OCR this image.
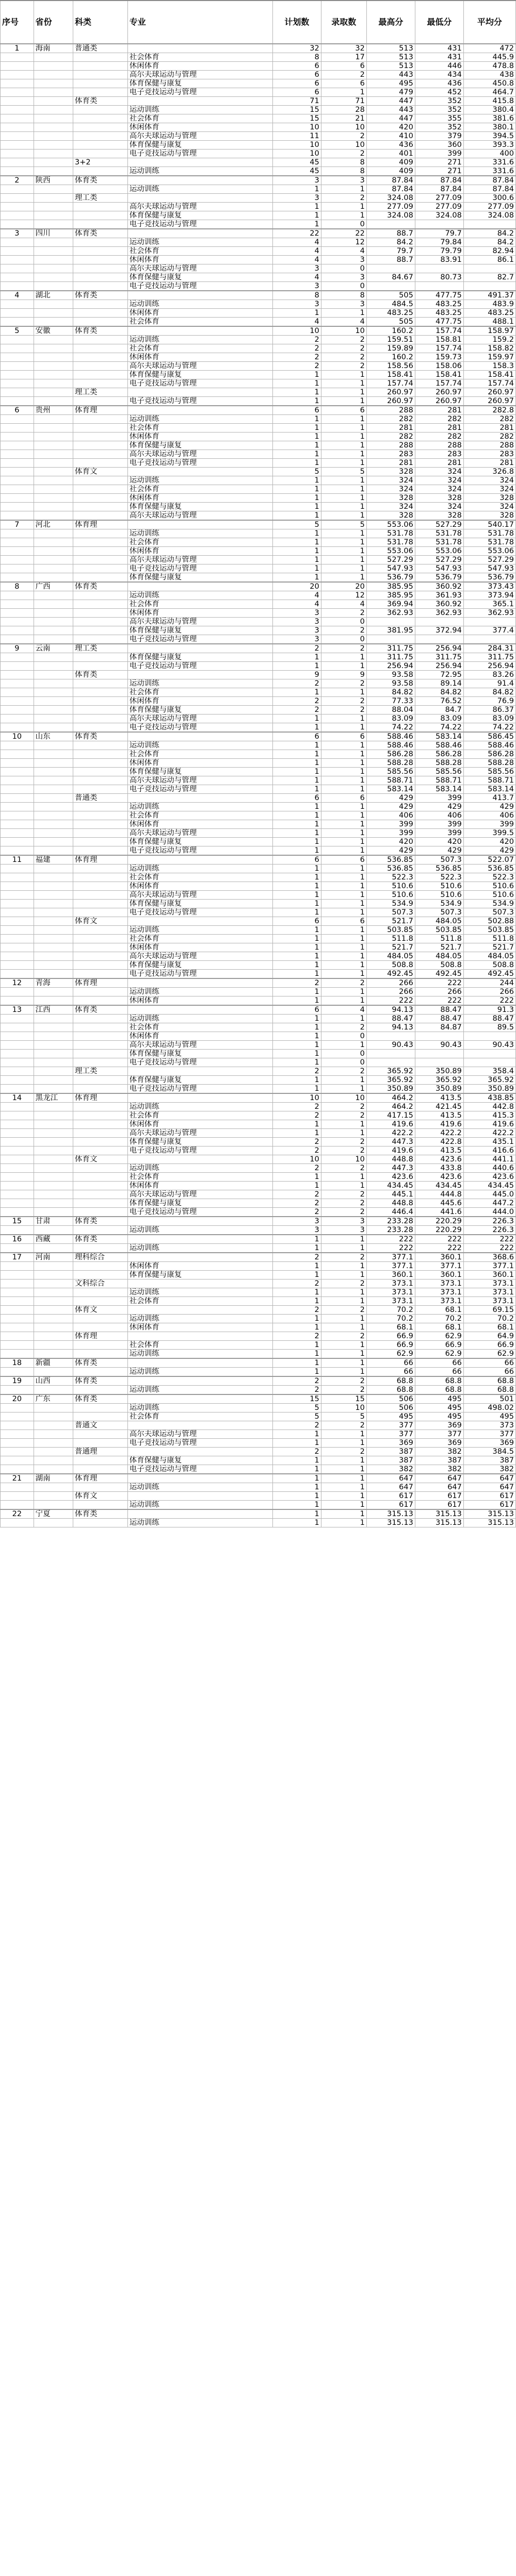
序号	省份	科类	专业	计划数	录取数	最高分	最低分	平均分
1	海南	普通类		32	32	513	431	472
			社会体育	8	17	513	431	445.9
			休闲体育	6	6	513	446	478.8
			高尔夫球运动与管理	6	2	443	434	438
			体育保健与康复	6	6	495	436	450.8
			电子竞技运动与管理	6	1	479	452	464.7
		体育类		71	71	447	352	415.8
			运动训练	15	28	443	352	380.4
			社会体育	15	21	447	355	381.6
			休闲体育	10	10	420	352	380.1
			高尔夫球运动与管理	11	2	410	379	394.5
			体育保健与康复	10	10	436	360	393.3
			电子竞技运动与管理	10	2	401	399	400
		3+2		45	8	409	271	331.6
			运动训练	45	8	409	271	331.6
2	陕西	体育类		3	3	87.84	87.84	87.84
			运动训练	1	1	87.84	87.84	87.84
		理工类		3	2	324.08	277.09	300.6
			高尔夫球运动与管理	1	1	277.09	277.09	277.09
			体育保健与康复	1	1	324.08	324.08	324.08
			电子竞技运动与管理	1	0			
3	四川	体育类		22	22	88.7	79.7	84.2
			运动训练	4	12	84.2	79.84	84.2
			社会体育	4	4	79.7	79.79	82.94
			休闲体育	4	3	88.7	83.91	86.1
			高尔夫球运动与管理	3	0			
			体育保健与康复	4	3	84.67	80.73	82.7
			电子竞技运动与管理	3	0			
4	湖北	体育类		8	8	505	477.75	491.37
			运动训练	3	3	484.5	483.25	483.9
			休闲体育	1	1	483.25	483.25	483.25
			社会体育	4	4	505	477.75	488.1
5	安徽	体育类		10	10	160.2	157.74	158.97
			运动训练	2	2	159.51	158.81	159.2
			社会体育	2	2	159.89	157.74	158.82
			休闲体育	2	2	160.2	159.73	159.97
			高尔夫球运动与管理	2	2	158.56	158.06	158.3
			体育保健与康复	1	1	158.41	158.41	158.41
			电子竞技运动与管理	1	1	157.74	157.74	157.74
		理工类		1	1	260.97	260.97	260.97
			电子竞技运动与管理	1	1	260.97	260.97	260.97
6	贵州	体育理		6	6	288	281	282.8
			运动训练	1	1	282	282	282
			社会体育	1	1	281	281	281
			休闲体育	1	1	282	282	282
			体育保健与康复	1	1	288	288	288
			高尔夫球运动与管理	1	1	283	283	283
			电子竞技运动与管理	1	1	281	281	281
		体育文		5	5	328	324	326.8
			运动训练	1	1	324	324	324
			社会体育	1	1	324	324	324
			休闲体育	1	1	328	328	328
			体育保健与康复	1	1	324	324	324
			高尔夫球运动与管理	1	1	328	328	328
7	河北	体育理		5	5	553.06	527.29	540.17
			运动训练	1	1	531.78	531.78	531.78
			社会体育	1	1	531.78	531.78	531.78
			休闲体育	1	1	553.06	553.06	553.06
			高尔夫球运动与管理	1	1	527.29	527.29	527.29
			电子竞技运动与管理	1	1	547.93	547.93	547.93
			体育保健与康复	1	1	536.79	536.79	536.79
8	广西	体育类		20	20	385.95	360.92	373.43
			运动训练	4	12	385.95	361.93	373.94
			社会体育	4	4	369.94	360.92	365.1
			休闲体育	3	2	362.93	362.93	362.93
			高尔夫球运动与管理	3	0			
			体育保健与康复	3	2	381.95	372.94	377.4
			电子竞技运动与管理	3	0			
9	云南	理工类		2	2	311.75	256.94	284.31
			体育保健与康复	1	1	311.75	311.75	311.75
			电子竞技运动与管理	1	1	256.94	256.94	256.94
		体育类		9	9	93.58	72.95	83.26
			运动训练	2	2	93.58	89.14	91.4
			社会体育	1	1	84.82	84.82	84.82
			休闲体育	2	2	77.33	76.52	76.9
			体育保健与康复	2	2	88.04	84.7	86.37
			高尔夫球运动与管理	1	1	83.09	83.09	83.09
			电子竞技运动与管理	1	1	74.22	74.22	74.22
10	山东	体育类		6	6	588.46	583.14	586.45
			运动训练	1	1	588.46	588.46	588.46
			社会体育	1	1	586.28	586.28	586.28
			休闲体育	1	1	588.28	588.28	588.28
			体育保健与康复	1	1	585.56	585.56	585.56
			高尔夫球运动与管理	1	1	588.71	588.71	588.71
			电子竞技运动与管理	1	1	583.14	583.14	583.14
		普通类		6	6	429	399	413.7
			运动训练	1	1	429	429	429
			社会体育	1	1	406	406	406
			休闲体育	1	1	399	399	399
			高尔夫球运动与管理	1	1	399	399	399.5
			体育保健与康复	1	1	420	420	420
			电子竞技运动与管理	1	1	429	429	429
11	福建	体育理		6	6	536.85	507.3	522.07
			运动训练	1	1	536.85	536.85	536.85
			社会体育	1	1	522.3	522.3	522.3
			休闲体育	1	1	510.6	510.6	510.6
			高尔夫球运动与管理	1	1	510.6	510.6	510.6
			体育保健与康复	1	1	534.9	534.9	534.9
			电子竞技运动与管理	1	1	507.3	507.3	507.3
		体育文		6	6	521.7	484.05	502.88
			运动训练	1	1	503.85	503.85	503.85
			社会体育	1	1	511.8	511.8	511.8
			休闲体育	1	1	521.7	521.7	521.7
			高尔夫球运动与管理	1	1	484.05	484.05	484.05
			体育保健与康复	1	1	508.8	508.8	508.8
			电子竞技运动与管理	1	1	492.45	492.45	492.45
12	青海	体育理		2	2	266	222	244
			运动训练	1	1	266	266	266
			休闲体育	1	1	222	222	222
13	江西	体育类		6	4	94.13	88.47	91.3
			运动训练	1	1	88.47	88.47	88.47
			社会体育	1	2	94.13	84.87	89.5
			休闲体育	1	0			
			高尔夫球运动与管理	1	1	90.43	90.43	90.43
			体育保健与康复	1	0			
			电子竞技运动与管理	1	0			
		理工类		2	2	365.92	350.89	358.4
			体育保健与康复	1	1	365.92	365.92	365.92
			电子竞技运动与管理	1	1	350.89	350.89	350.89
14	黑龙江	体育理		10	10	464.2	413.5	438.85
			运动训练	2	2	464.2	421.45	442.8
			社会体育	2	2	417.15	413.5	415.3
			休闲体育	1	1	419.6	419.6	419.6
			高尔夫球运动与管理	1	1	422.2	422.2	422.2
			体育保健与康复	2	2	447.3	422.8	435.1
			电子竞技运动与管理	2	2	419.6	413.5	416.6
		体育文		10	10	448.8	423.6	441.1
			运动训练	2	2	447.3	433.8	440.6
			社会体育	1	1	423.6	423.6	423.6
			休闲体育	1	1	434.45	434.45	434.45
			高尔夫球运动与管理	2	2	445.1	444.8	445.0
			体育保健与康复	2	2	448.8	445.6	447.2
			电子竞技运动与管理	2	2	446.4	441.6	444.0
15	甘肃	体育类		3	3	233.28	220.29	226.3
			运动训练	3	3	233.28	220.29	226.3
16	西藏	体育类		1	1	222	222	222
			运动训练	1	1	222	222	222
17	河南	理科综合		2	2	377.1	360.1	368.6
			休闲体育	1	1	377.1	377.1	377.1
			体育保健与康复	1	1	360.1	360.1	360.1
		文科综合		2	2	373.1	373.1	373.1
			运动训练	1	1	373.1	373.1	373.1
			社会体育	1	1	373.1	373.1	373.1
		体育文		2	2	70.2	68.1	69.15
			运动训练	1	1	70.2	70.2	70.2
			休闲体育	1	1	68.1	68.1	68.1
		体育理		2	2	66.9	62.9	64.9
			社会体育	1	1	66.9	66.9	66.9
			运动训练	1	1	62.9	62.9	62.9
18	新疆	体育类		1	1	66	66	66
			运动训练	1	1	66	66	66
19	山西	体育类		2	2	68.8	68.8	68.8
			运动训练	2	2	68.8	68.8	68.8
20	广东	体育类		15	15	506	495	501
			运动训练	5	10	506	495	498.02
			社会体育	5	5	495	495	495
		普通文		2	2	377	369	373
			高尔夫球运动与管理	1	1	377	377	377
			电子竞技运动与管理	1	1	369	369	369
		普通理		2	2	387	382	384.5
			体育保健与康复	1	1	387	387	387
			电子竞技运动与管理	1	1	382	382	382
21	湖南	体育理		1	1	647	647	647
			运动训练	1	1	647	647	647
		体育文		1	1	617	617	617
			运动训练	1	1	617	617	617
22	宁夏	体育类		1	1	315.13	315.13	315.13
			运动训练	1	1	315.13	315.13	315.13
